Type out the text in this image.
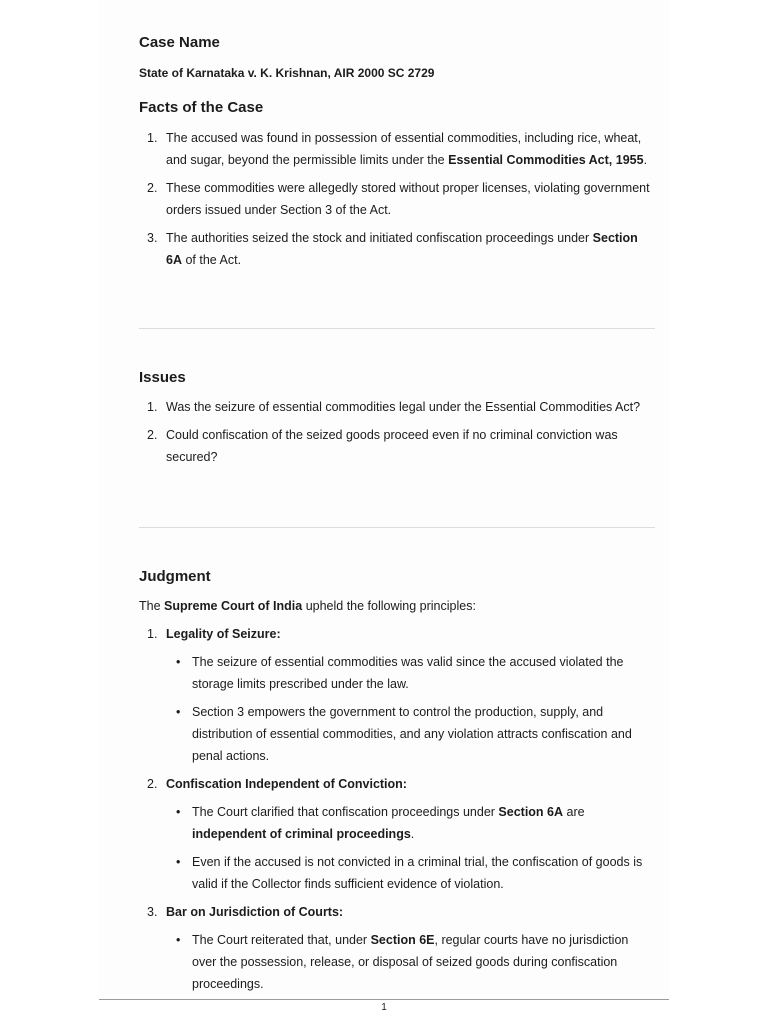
Case Name
State of Karnataka v. K. Krishnan, AIR 2000 SC 2729
Facts of the Case
1. The accused was found in possession of essential commodities, including rice, wheat, and sugar, beyond the permissible limits under the Essential Commodities Act, 1955.
2. These commodities were allegedly stored without proper licenses, violating government orders issued under Section 3 of the Act.
3. The authorities seized the stock and initiated confiscation proceedings under Section 6A of the Act.
Issues
1. Was the seizure of essential commodities legal under the Essential Commodities Act?
2. Could confiscation of the seized goods proceed even if no criminal conviction was secured?
Judgment
The Supreme Court of India upheld the following principles:
1. Legality of Seizure:
• The seizure of essential commodities was valid since the accused violated the storage limits prescribed under the law.
• Section 3 empowers the government to control the production, supply, and distribution of essential commodities, and any violation attracts confiscation and penal actions.
2. Confiscation Independent of Conviction:
• The Court clarified that confiscation proceedings under Section 6A are independent of criminal proceedings.
• Even if the accused is not convicted in a criminal trial, the confiscation of goods is valid if the Collector finds sufficient evidence of violation.
3. Bar on Jurisdiction of Courts:
• The Court reiterated that, under Section 6E, regular courts have no jurisdiction over the possession, release, or disposal of seized goods during confiscation proceedings.
1
